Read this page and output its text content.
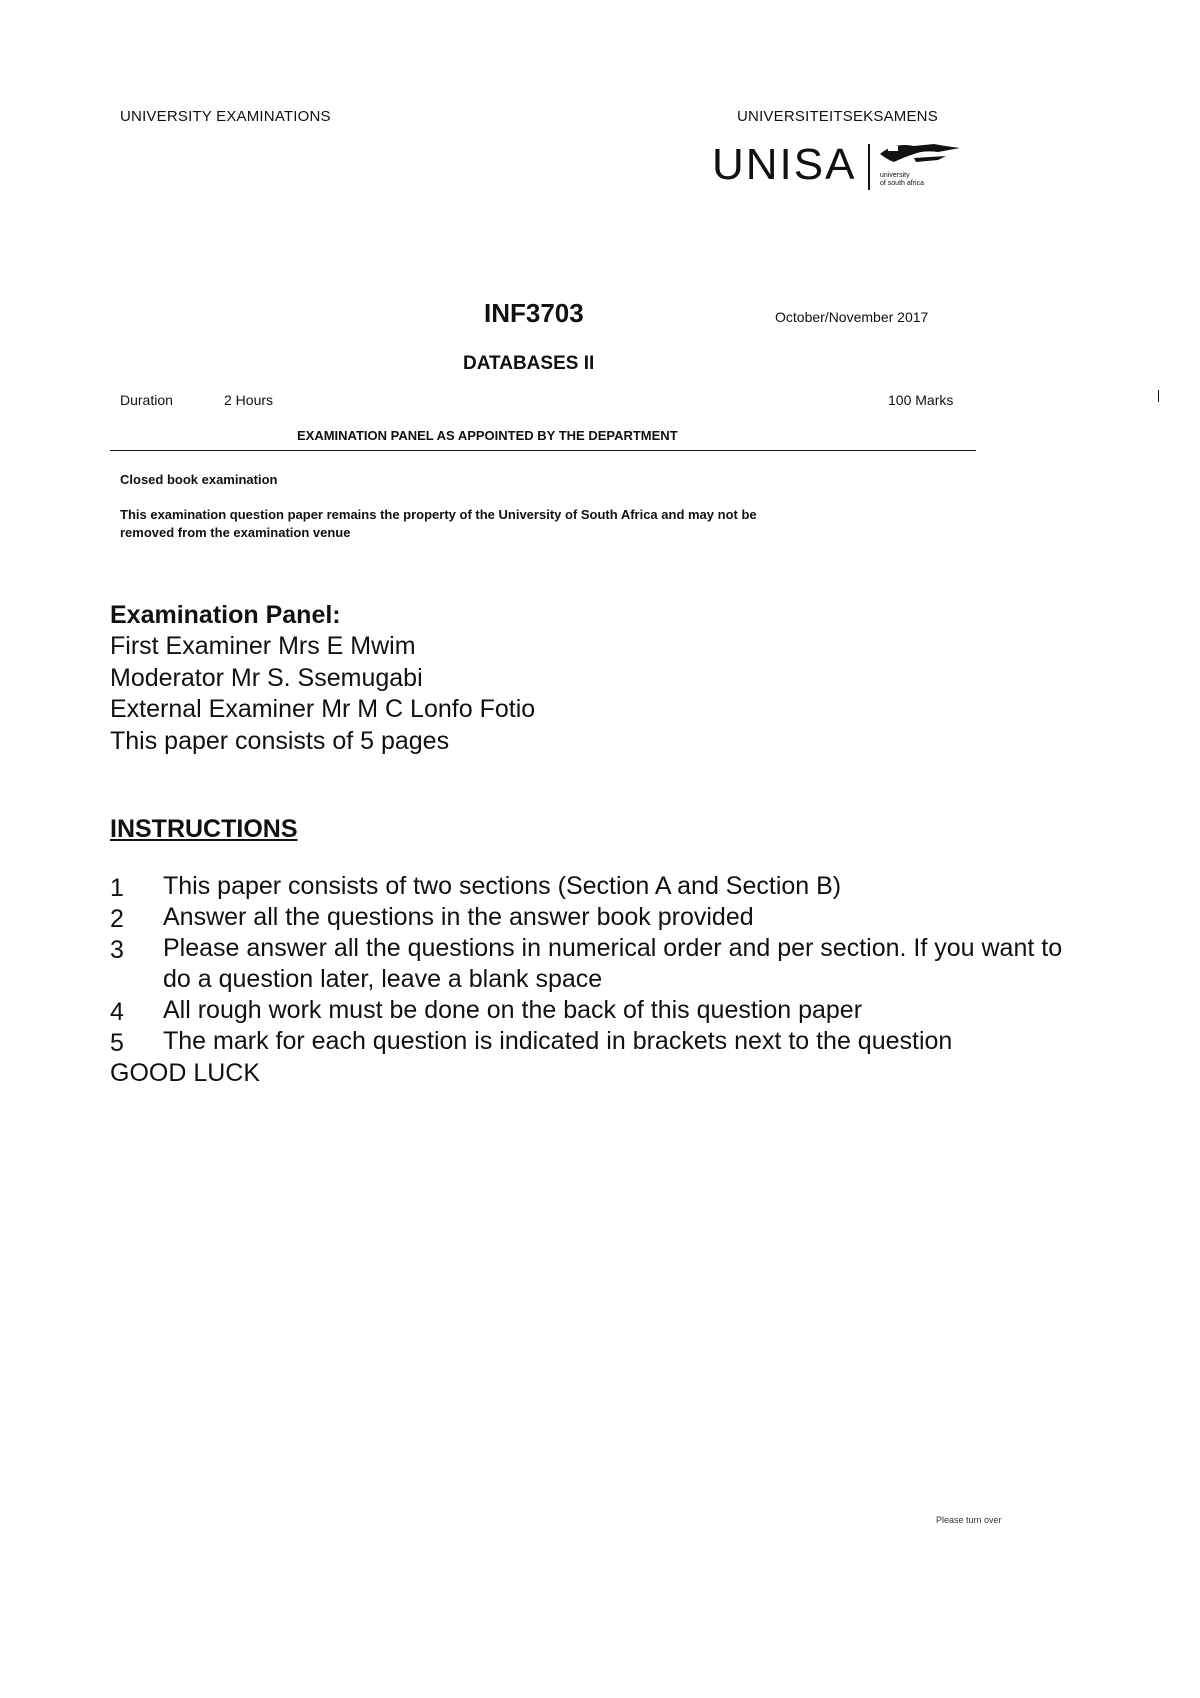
UNIVERSITY EXAMINATIONS	UNIVERSITEITSEKSAMENS
UNISA	university
of south africa
INF3703	October/November 2017
DATABASES II
Duration	2 Hours	100 Marks
EXAMINATION PANEL AS APPOINTED BY THE DEPARTMENT
Closed book examination
This examination question paper remains the property of the University of South Africa and may not be
removed from the examination venue
Examination Panel:
First Examiner Mrs E Mwim
Moderator Mr S. Ssemugabi
External Examiner Mr M C Lonfo Fotio
This paper consists of 5 pages
INSTRUCTIONS
1 This paper consists of two sections (Section A and Section B)
2 Answer all the questions in the answer book provided
3 Please answer all the questions in numerical order and per section. If you want to do a question later, leave a blank space
4 All rough work must be done on the back of this question paper
5 The mark for each question is indicated in brackets next to the question
GOOD LUCK
Please turn over
